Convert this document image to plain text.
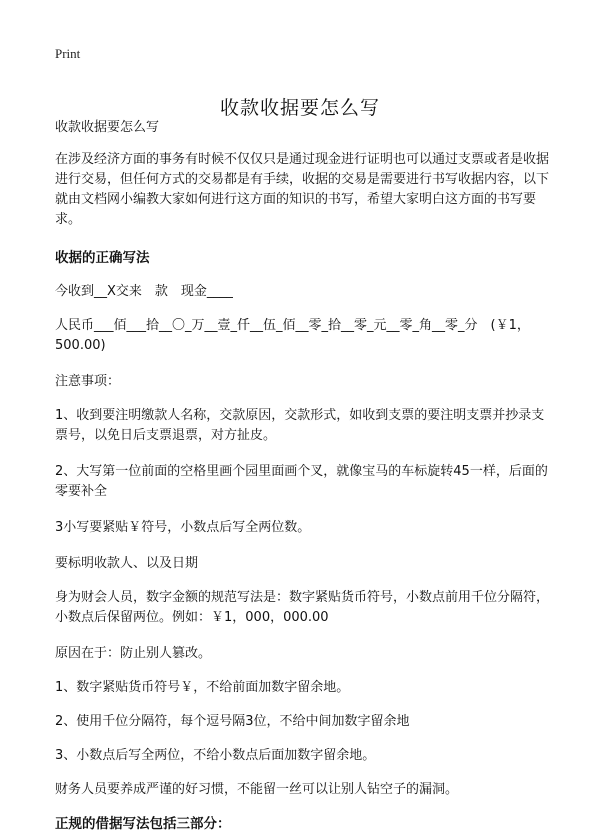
Print
收款收据要怎么写

收款收据要怎么写

在涉及经济方面的事务有时候不仅仅只是通过现金进行证明也可以通过支票或者是收据进行交易，但任何方式的交易都是有手续，收据的交易是需要进行书写收据内容，以下就由文档网小编教大家如何进行这方面的知识的书写，希望大家明白这方面的书写要求。

收据的正确写法

今收到__X交来　款　现金____

人民币___佰___拾__〇_万__壹_仟__伍_佰__零_拾__零_元__零_角__零_分　(￥1，500.00)

注意事项：

1、收到要注明缴款人名称，交款原因，交款形式，如收到支票的要注明支票并抄录支票号，以免日后支票退票，对方扯皮。

2、大写第一位前面的空格里画个园里面画个叉，就像宝马的车标旋转45一样，后面的零要补全

3小写要紧贴￥符号，小数点后写全两位数。

要标明收款人、以及日期

身为财会人员，数字金额的规范写法是：数字紧贴货币符号，小数点前用千位分隔符，小数点后保留两位。例如：￥1，000，000.00

原因在于：防止别人篡改。

1、数字紧贴货币符号￥，不给前面加数字留余地。

2、使用千位分隔符，每个逗号隔3位，不给中间加数字留余地

3、小数点后写全两位，不给小数点后面加数字留余地。

财务人员要养成严谨的好习惯，不能留一丝可以让别人钻空子的漏洞。

正规的借据写法包括三部分：
